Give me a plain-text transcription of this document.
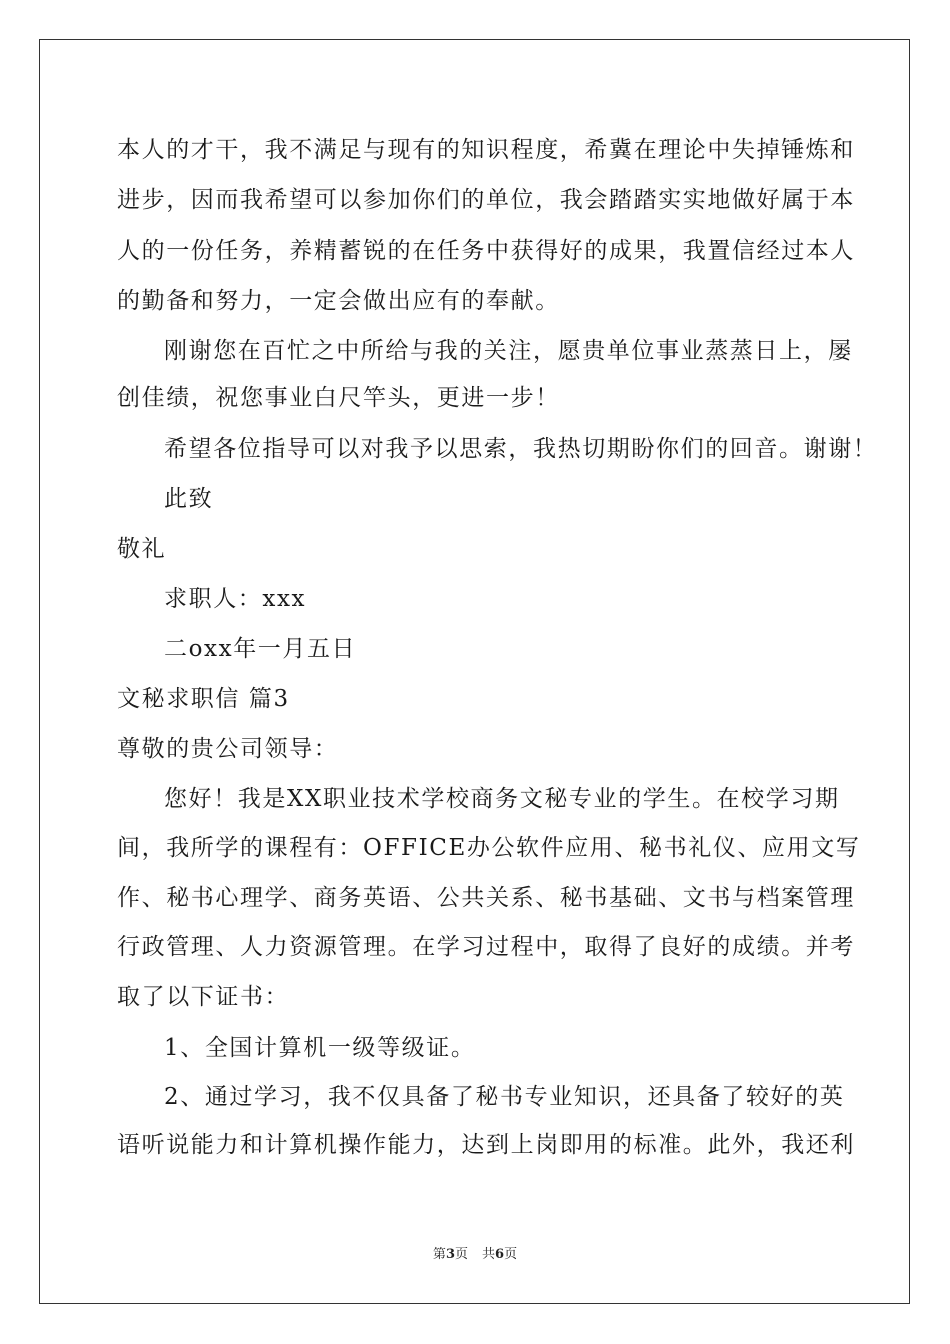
本人的才干，我不满足与现有的知识程度，希冀在理论中失掉锤炼和
进步，因而我希望可以参加你们的单位，我会踏踏实实地做好属于本
人的一份任务，养精蓄锐的在任务中获得好的成果，我置信经过本人
的勤备和努力，一定会做出应有的奉献。
刚谢您在百忙之中所给与我的关注，愿贵单位事业蒸蒸日上，屡
创佳绩，祝您事业白尺竿头，更进一步！
希望各位指导可以对我予以思索，我热切期盼你们的回音。谢谢！
此致
敬礼
求职人：xxx
二oxx年一月五日
文秘求职信 篇3
尊敬的贵公司领导：
您好！我是XX职业技术学校商务文秘专业的学生。在校学习期
间，我所学的课程有：OFFICE办公软件应用、秘书礼仪、应用文写
作、秘书心理学、商务英语、公共关系、秘书基础、文书与档案管理
行政管理、人力资源管理。在学习过程中，取得了良好的成绩。并考
取了以下证书：
1、全国计算机一级等级证。
2、通过学习，我不仅具备了秘书专业知识，还具备了较好的英
语听说能力和计算机操作能力，达到上岗即用的标准。此外，我还利
第3页 共6页
